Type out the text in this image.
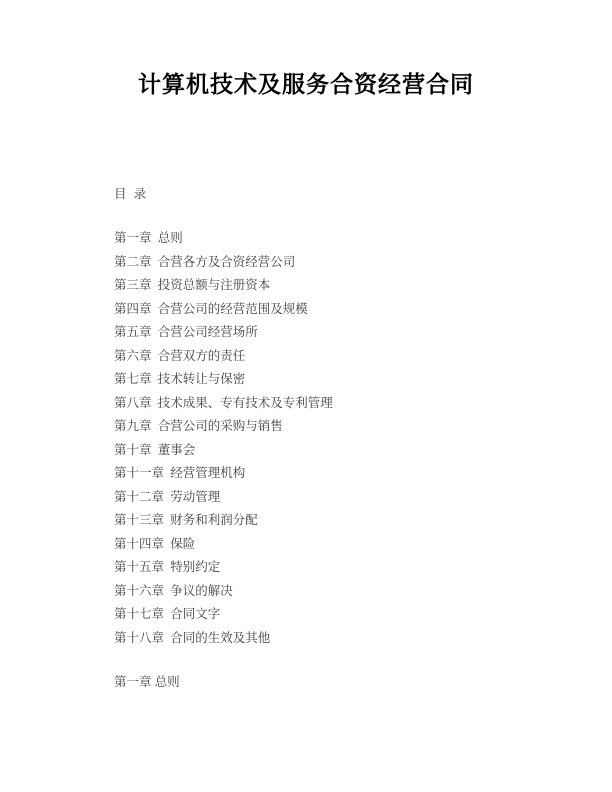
计算机技术及服务合资经营合同
目 录
第一章  总则
第二章  合营各方及合资经营公司
第三章  投资总额与注册资本
第四章  合营公司的经营范围及规模
第五章  合营公司经营场所
第六章  合营双方的责任
第七章  技术转让与保密
第八章  技术成果、专有技术及专利管理
第九章  合营公司的采购与销售
第十章  董事会
第十一章  经营管理机构
第十二章  劳动管理
第十三章  财务和利润分配
第十四章  保险
第十五章  特别约定
第十六章  争议的解决
第十七章  合同文字
第十八章  合同的生效及其他
第一章 总则
